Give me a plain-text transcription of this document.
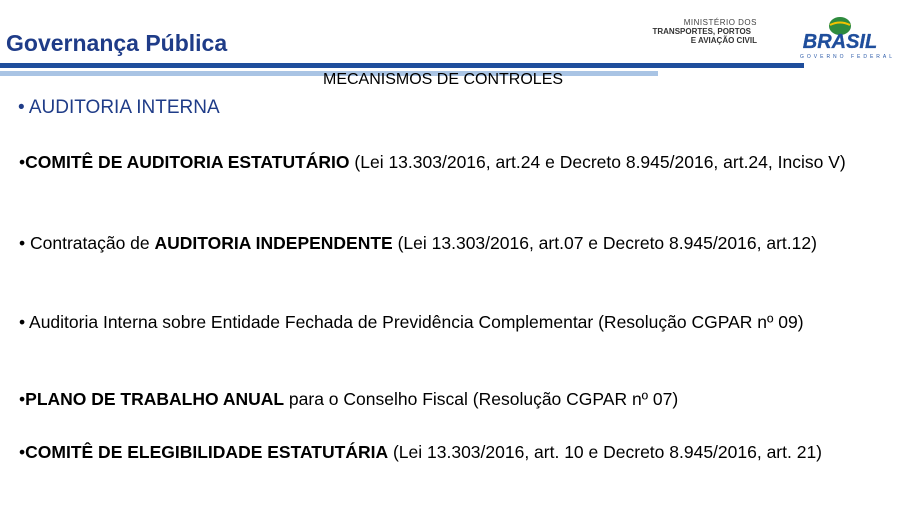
Governança Pública
MINISTÉRIO DOS
TRANSPORTES, PORTOS
E AVIAÇÃO CIVIL BRASIL
GOVERNO FEDERAL
MECANISMOS DE CONTROLES
• AUDITORIA INTERNA
•COMITÊ DE AUDITORIA ESTATUTÁRIO (Lei 13.303/2016, art.24 e Decreto 8.945/2016, art.24, Inciso V)
• Contratação de AUDITORIA INDEPENDENTE (Lei 13.303/2016, art.07 e Decreto 8.945/2016, art.12)
• Auditoria Interna sobre Entidade Fechada de Previdência Complementar (Resolução CGPAR nº 09)
•PLANO DE TRABALHO ANUAL para o Conselho Fiscal (Resolução CGPAR nº 07)
•COMITÊ DE ELEGIBILIDADE ESTATUTÁRIA (Lei 13.303/2016, art. 10 e Decreto 8.945/2016, art. 21)
